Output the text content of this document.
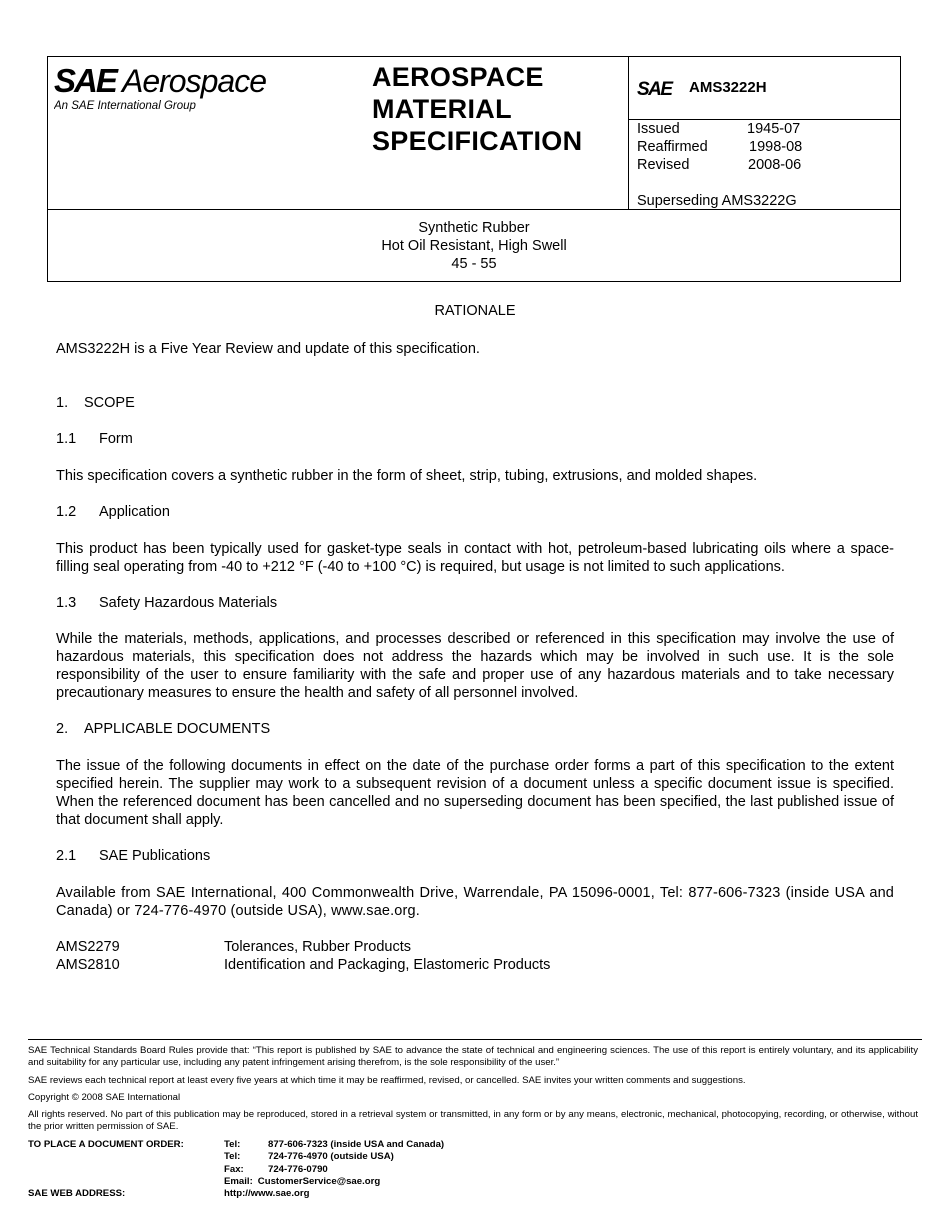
SAE Aerospace
An SAE International Group
AEROSPACE
MATERIAL
SPECIFICATION
SAE AMS3222H
Issued	1945-07
Reaffirmed	1998-08
Revised	2008-06
Superseding AMS3222G
Synthetic Rubber
Hot Oil Resistant, High Swell
45 - 55
RATIONALE
AMS3222H is a Five Year Review and update of this specification.
1. SCOPE
1.1 Form
This specification covers a synthetic rubber in the form of sheet, strip, tubing, extrusions, and molded shapes.
1.2 Application
This product has been typically used for gasket-type seals in contact with hot, petroleum-based lubricating oils where a space-filling seal operating from -40 to +212 °F (-40 to +100 °C) is required, but usage is not limited to such applications.
1.3 Safety Hazardous Materials
While the materials, methods, applications, and processes described or referenced in this specification may involve the use of hazardous materials, this specification does not address the hazards which may be involved in such use. It is the sole responsibility of the user to ensure familiarity with the safe and proper use of any hazardous materials and to take necessary precautionary measures to ensure the health and safety of all personnel involved.
2. APPLICABLE DOCUMENTS
The issue of the following documents in effect on the date of the purchase order forms a part of this specification to the extent specified herein. The supplier may work to a subsequent revision of a document unless a specific document issue is specified. When the referenced document has been cancelled and no superseding document has been specified, the last published issue of that document shall apply.
2.1 SAE Publications
Available from SAE International, 400 Commonwealth Drive, Warrendale, PA 15096-0001, Tel: 877-606-7323 (inside USA and Canada) or 724-776-4970 (outside USA), www.sae.org.
AMS2279	Tolerances, Rubber Products
AMS2810	Identification and Packaging, Elastomeric Products
SAE Technical Standards Board Rules provide that: “This report is published by SAE to advance the state of technical and engineering sciences. The use of this report is entirely voluntary, and its applicability and suitability for any particular use, including any patent infringement arising therefrom, is the sole responsibility of the user.”
SAE reviews each technical report at least every five years at which time it may be reaffirmed, revised, or cancelled. SAE invites your written comments and suggestions.
Copyright © 2008 SAE International
All rights reserved. No part of this publication may be reproduced, stored in a retrieval system or transmitted, in any form or by any means, electronic, mechanical, photocopying, recording, or otherwise, without the prior written permission of SAE.
TO PLACE A DOCUMENT ORDER:	Tel:	877-606-7323 (inside USA and Canada)
Tel:	724-776-4970 (outside USA)
Fax:	724-776-0790
Email: CustomerService@sae.org
SAE WEB ADDRESS:	http://www.sae.org
